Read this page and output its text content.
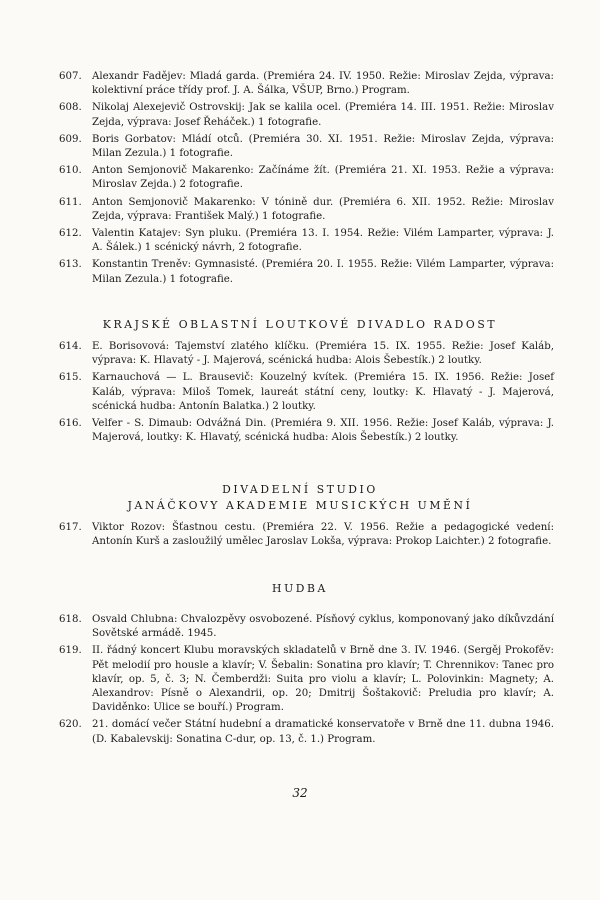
607. Alexandr Fadějev: Mladá garda. (Premiéra 24. IV. 1950. Režie: Miroslav Zejda, výprava: kolektivní práce třídy prof. J. A. Šálka, VŠUP, Brno.) Program.
608. Nikolaj Alexejevič Ostrovskij: Jak se kalila ocel. (Premiéra 14. III. 1951. Režie: Miroslav Zejda, výprava: Josef Řeháček.) 1 fotografie.
609. Boris Gorbatov: Mládí otců. (Premiéra 30. XI. 1951. Režie: Miroslav Zejda, výprava: Milan Zezula.) 1 fotografie.
610. Anton Semjonovič Makarenko: Začínáme žít. (Premiéra 21. XI. 1953. Režie a výprava: Miroslav Zejda.) 2 fotografie.
611. Anton Semjonovič Makarenko: V tónině dur. (Premiéra 6. XII. 1952. Režie: Miroslav Zejda, výprava: František Malý.) 1 fotografie.
612. Valentin Katajev: Syn pluku. (Premiéra 13. I. 1954. Režie: Vilém Lamparter, výprava: J. A. Šálek.) 1 scénický návrh, 2 fotografie.
613. Konstantin Treněv: Gymnasisté. (Premiéra 20. I. 1955. Režie: Vilém Lamparter, výprava: Milan Zezula.) 1 fotografie.
KRAJSKÉ OBLASTNÍ LOUTKOVÉ DIVADLO RADOST
614. E. Borisovová: Tajemství zlatého klíčku. (Premiéra 15. IX. 1955. Režie: Josef Kaláb, výprava: K. Hlavatý - J. Majerová, scénická hudba: Alois Šebestík.) 2 loutky.
615. Karnauchová — L. Brausevič: Kouzelný kvítek. (Premiéra 15. IX. 1956. Režie: Josef Kaláb, výprava: Miloš Tomek, laureát státní ceny, loutky: K. Hlavatý - J. Majerová, scénická hudba: Antonín Balatka.) 2 loutky.
616. Velfer - S. Dimaub: Odvážná Din. (Premiéra 9. XII. 1956. Režie: Josef Kaláb, výprava: J. Majerová, loutky: K. Hlavatý, scénická hudba: Alois Šebestík.) 2 loutky.
DIVADELNÍ STUDIO
JANÁČKOVY AKADEMIE MUSICKÝCH UMĚNÍ
617. Viktor Rozov: Šťastnou cestu. (Premiéra 22. V. 1956. Režie a pedagogické vedení: Antonín Kurš a zasloužilý umělec Jaroslav Lokša, výprava: Prokop Laichter.) 2 fotografie.
HUDBA
618. Osvald Chlubna: Chvalozpěvy osvobozené. Písňový cyklus, komponovaný jako díkůvzdání Sovětské armádě. 1945.
619. II. řádný koncert Klubu moravských skladatelů v Brně dne 3. IV. 1946. (Sergěj Prokofěv: Pět melodií pro housle a klavír; V. Šebalin: Sonatina pro klavír; T. Chrennikov: Tanec pro klavír, op. 5, č. 3; N. Čemberdži: Suita pro violu a klavír; L. Polovinkin: Magnety; A. Alexandrov: Písně o Alexandrii, op. 20; Dmitrij Šoštakovič: Preludia pro klavír; A. Daviděnko: Ulice se bouří.) Program.
620. 21. domácí večer Státní hudební a dramatické konservatoře v Brně dne 11. dubna 1946. (D. Kabalevskij: Sonatina C-dur, op. 13, č. 1.) Program.
32
